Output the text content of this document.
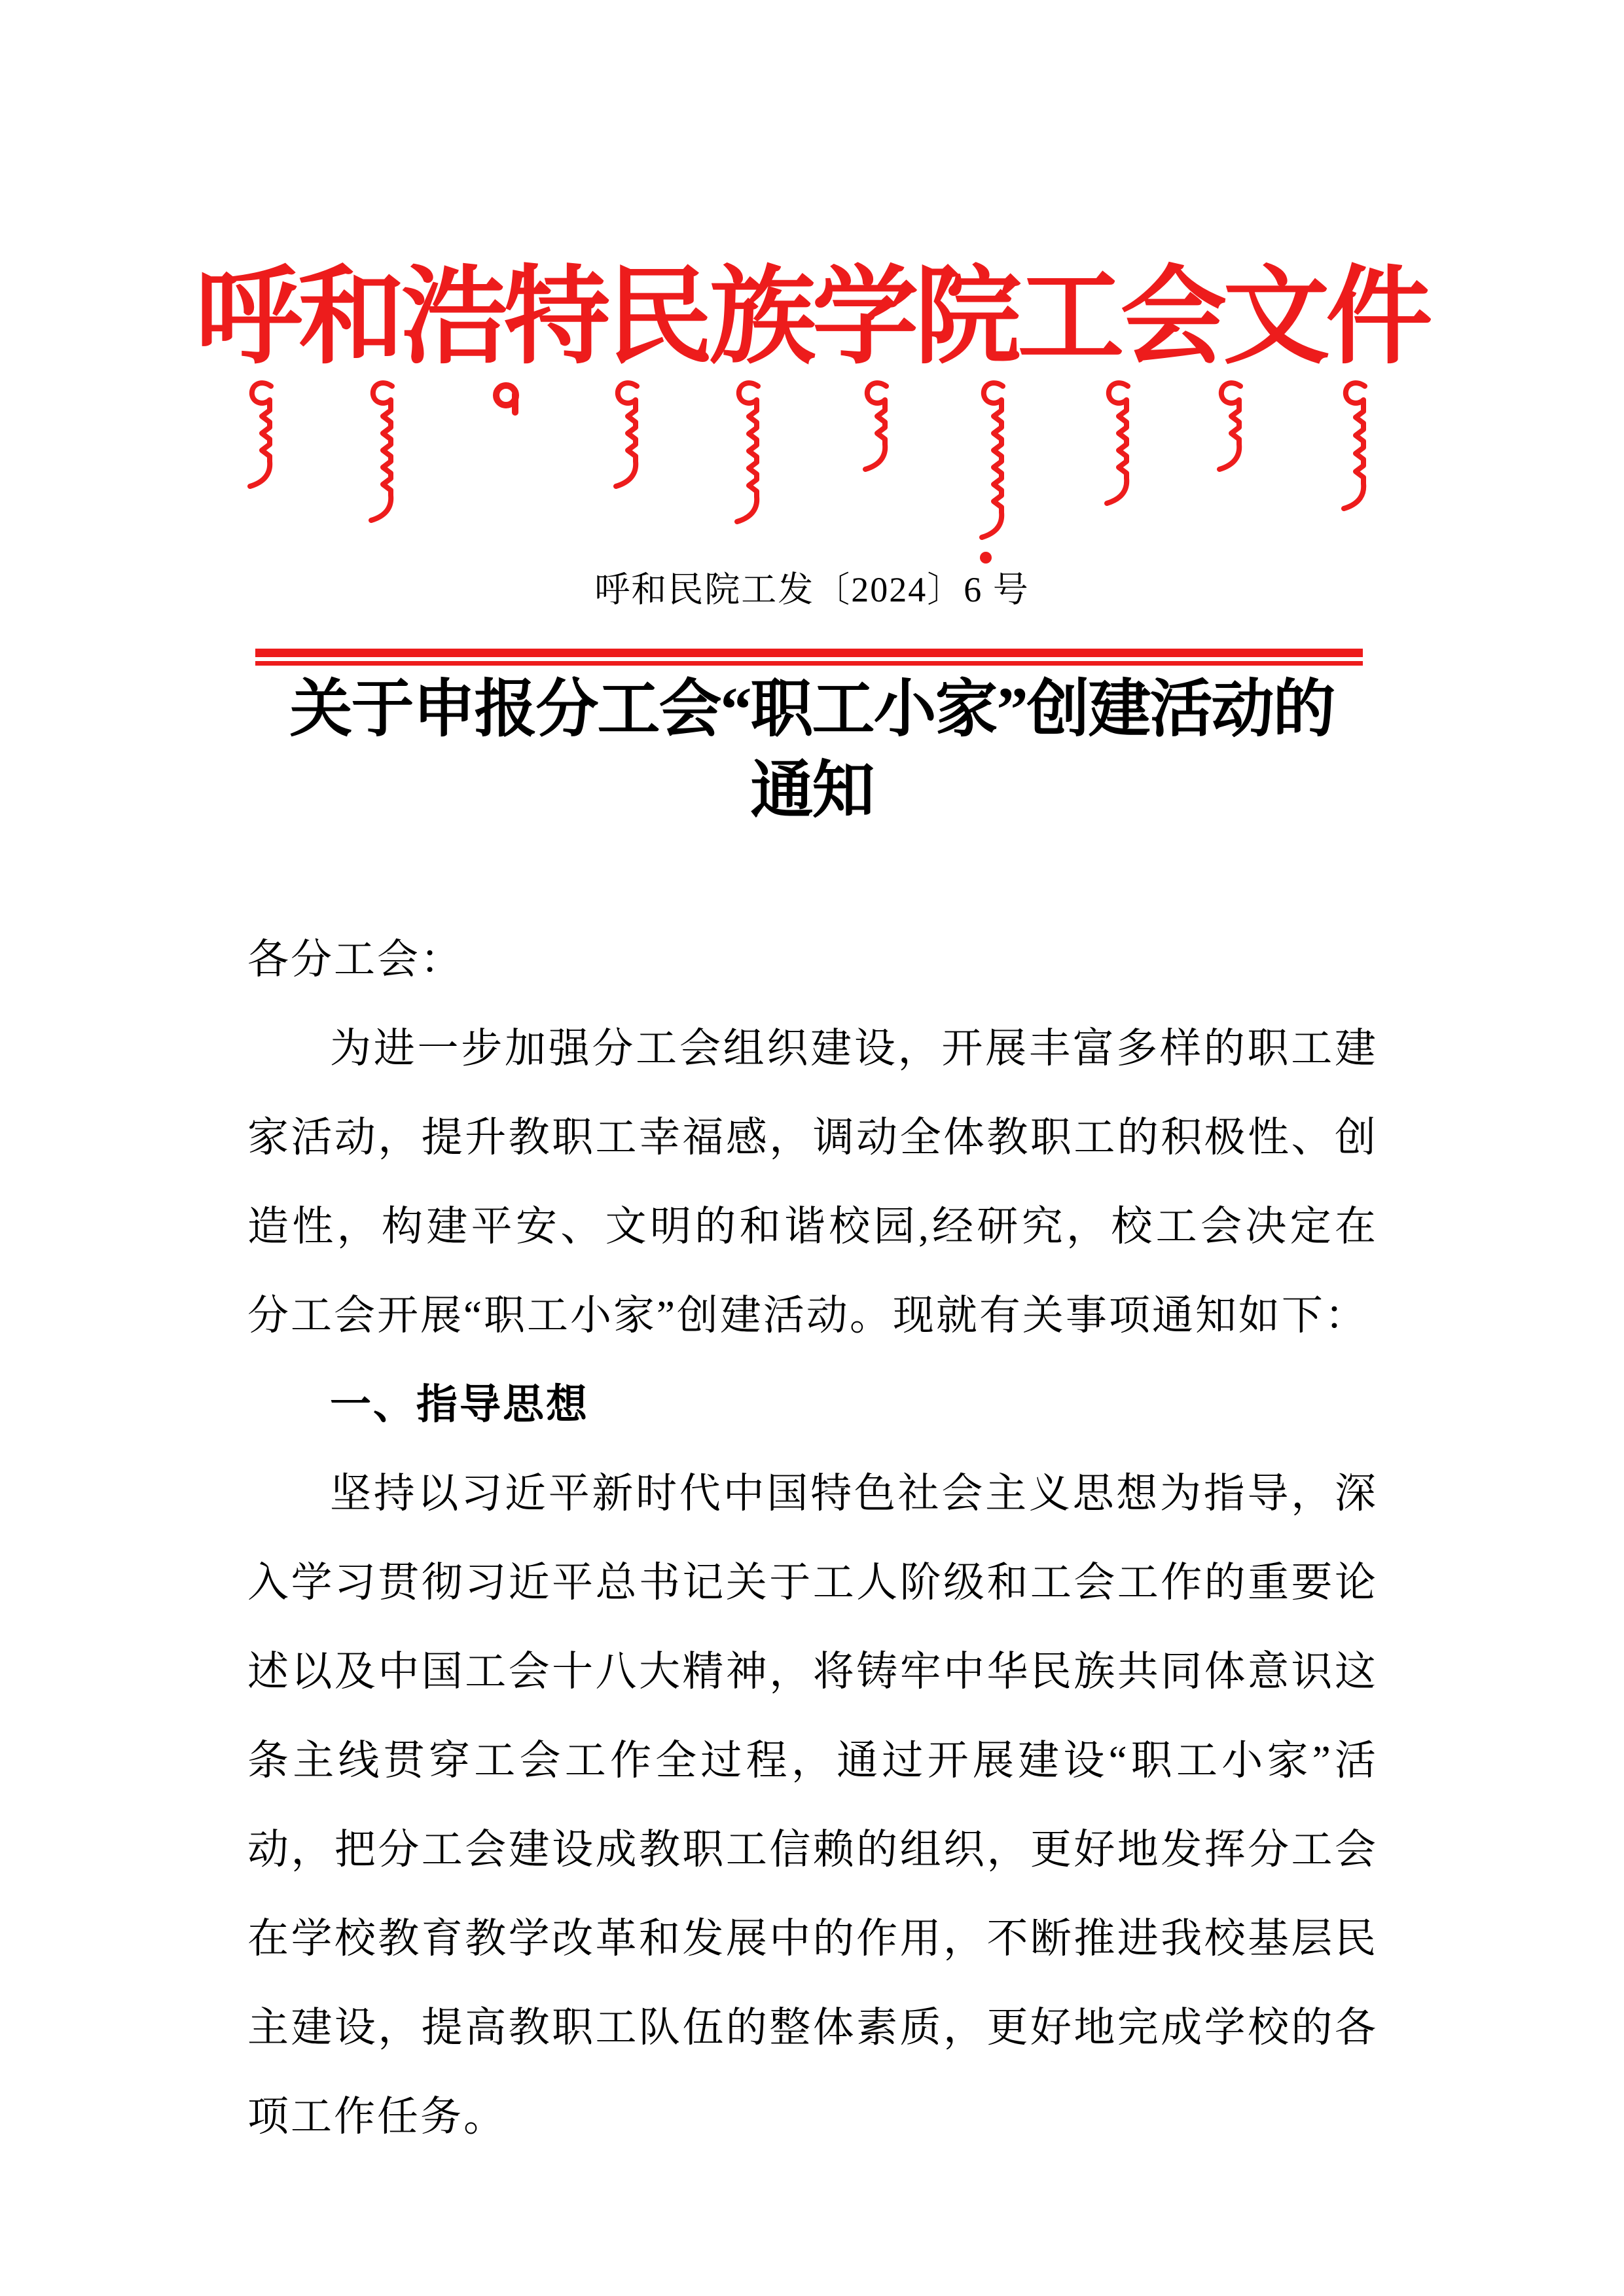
呼和浩特民族学院工会文件
呼和民院工发〔2024〕6 号
关于申报分工会“职工小家”创建活动的
通知

各分工会：

为进一步加强分工会组织建设，开展丰富多样的职工建家活动，提升教职工幸福感，调动全体教职工的积极性、创造性，构建平安、文明的和谐校园,经研究，校工会决定在分工会开展“职工小家”创建活动。现就有关事项通知如下：

一、指导思想

坚持以习近平新时代中国特色社会主义思想为指导，深入学习贯彻习近平总书记关于工人阶级和工会工作的重要论述以及中国工会十八大精神，将铸牢中华民族共同体意识这条主线贯穿工会工作全过程，通过开展建设“职工小家”活动，把分工会建设成教职工信赖的组织，更好地发挥分工会在学校教育教学改革和发展中的作用，不断推进我校基层民主建设，提高教职工队伍的整体素质，更好地完成学校的各项工作任务。
